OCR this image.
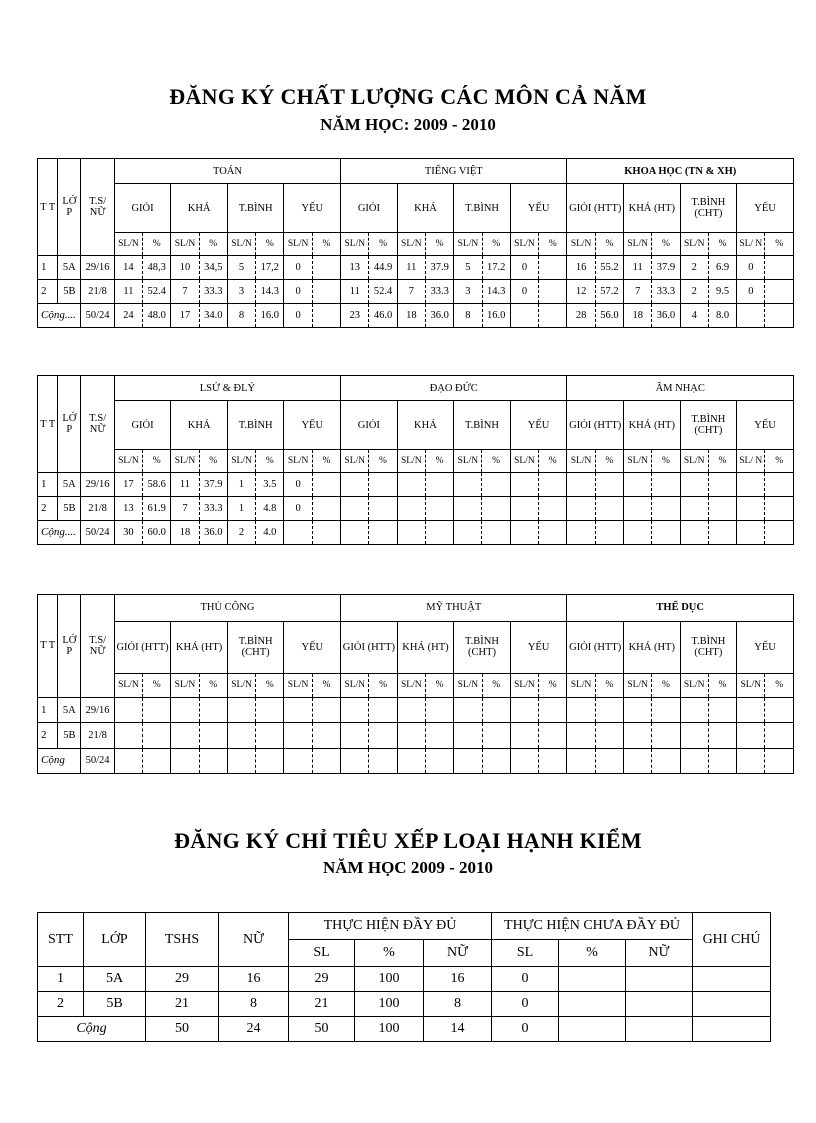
ĐĂNG KÝ CHẤT LƯỢNG CÁC MÔN CẢ NĂM
NĂM HỌC: 2009 - 2010
T T	LỚ P	T.S/ NỮ	TOÁN								TIẾNG VIỆT								KHOA HỌC (TN & XH)							
			GIỎI		KHÁ		T.BÌNH		YẾU		GIỎI		KHÁ		T.BÌNH		YẾU		GIỎI (HTT)		KHÁ (HT)		T.BÌNH (CHT)		YẾU	
			SL/N	%	SL/N	%	SL/N	%	SL/N	%	SL/N	%	SL/N	%	SL/N	%	SL/N	%	SL/N	%	SL/N	%	SL/N	%	SL/ N	%
1	5A	29/16	14	48,3	10	34,5	5	17,2	0		13	44.9	11	37.9	5	17.2	0		16	55.2	11	37.9	2	6.9	0	
2	5B	21/8	11	52.4	7	33.3	3	14.3	0		11	52.4	7	33.3	3	14.3	0		12	57.2	7	33.3	2	9.5	0	
Cộng....		50/24	24	48.0	17	34.0	8	16.0	0		23	46.0	18	36.0	8	16.0			28	56.0	18	36.0	4	8.0		
T T	LỚ P	T.S/ NỮ	LSỬ & ĐLÝ								ĐẠO ĐỨC								ÂM NHẠC							
			GIỎI		KHÁ		T.BÌNH		YẾU		GIỎI		KHÁ		T.BÌNH		YẾU		GIỎI (HTT)		KHÁ (HT)		T.BÌNH (CHT)		YẾU	
			SL/N	%	SL/N	%	SL/N	%	SL/N	%	SL/N	%	SL/N	%	SL/N	%	SL/N	%	SL/N	%	SL/N	%	SL/N	%	SL/ N	%
1	5A	29/16	17	58.6	11	37.9	1	3.5	0																	
2	5B	21/8	13	61.9	7	33.3	1	4.8	0																	
Cộng....		50/24	30	60.0	18	36.0	2	4.0																		
T T	LỚ P	T.S/ NỮ	THỦ CÔNG								MỸ THUẬT								THỂ DỤC							
			GIỎI (HTT)		KHÁ (HT)		T.BÌNH (CHT)		YẾU		GIỎI (HTT)		KHÁ (HT)		T.BÌNH (CHT)		YẾU		GIỎI (HTT)		KHÁ (HT)		T.BÌNH (CHT)		YẾU	
			SL/N	%	SL/N	%	SL/N	%	SL/N	%	SL/N	%	SL/N	%	SL/N	%	SL/N	%	SL/N	%	SL/N	%	SL/N	%	SL/N	%
1	5A	29/16																								
2	5B	21/8																								
Cộng		50/24																								
ĐĂNG KÝ CHỈ TIÊU XẾP LOẠI HẠNH KIỂM
NĂM HỌC 2009 - 2010
STT	LỚP	TSHS	NỮ	THỰC HIỆN ĐẦY ĐỦ			THỰC HIỆN CHƯA ĐẦY ĐỦ			GHI CHÚ
				SL	%	NỮ	SL	%	NỮ	
1	5A	29	16	29	100	16	0			
2	5B	21	8	21	100	8	0			
Cộng		50	24	50	100	14	0			
